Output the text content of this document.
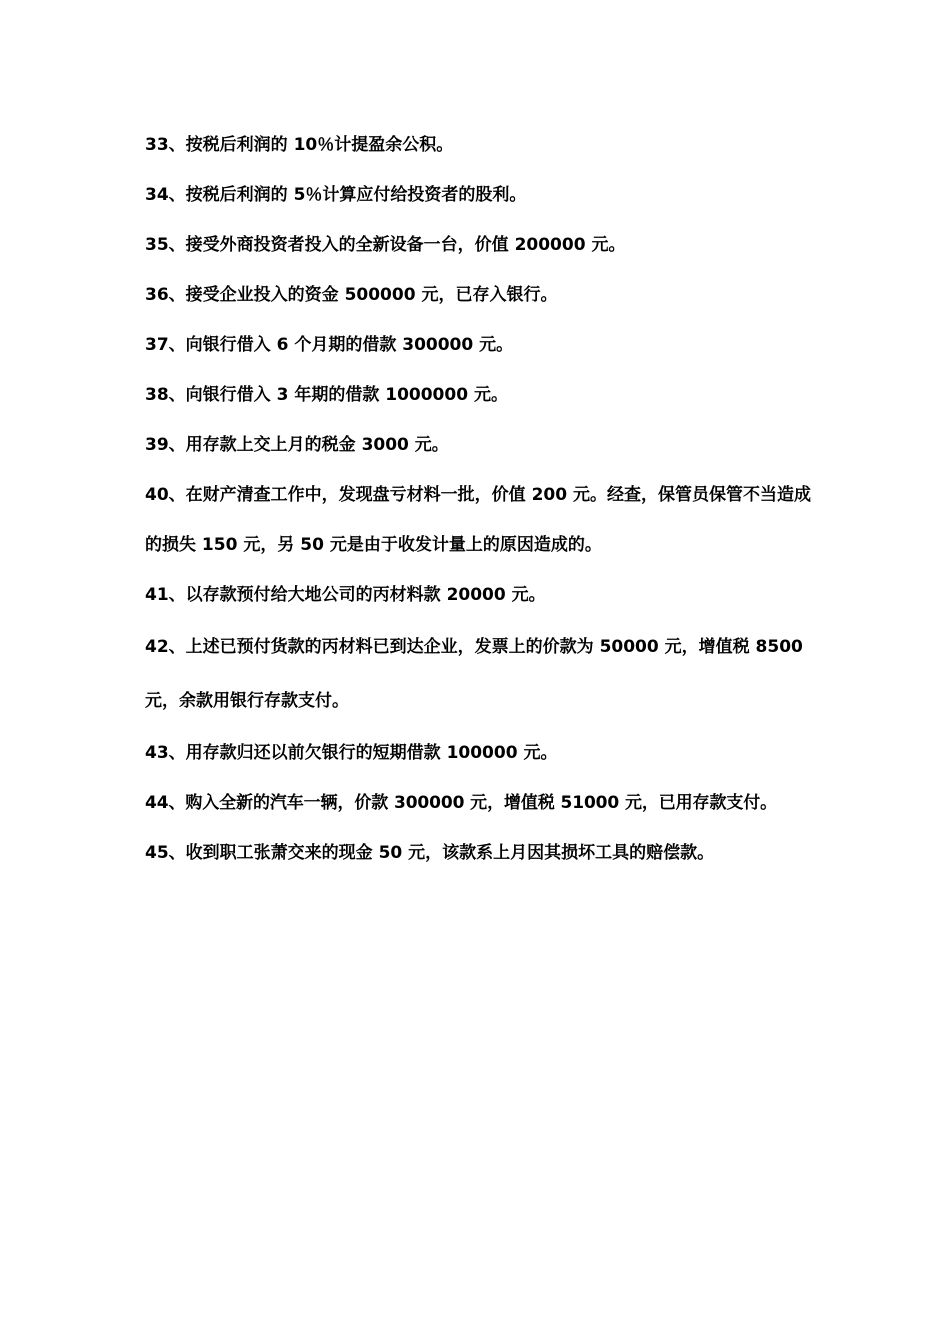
33、按税后利润的 10％计提盈余公积。

34、按税后利润的 5％计算应付给投资者的股利。

35、接受外商投资者投入的全新设备一台，价值 200000 元。

36、接受企业投入的资金 500000 元，已存入银行。

37、向银行借入 6 个月期的借款 300000 元。

38、向银行借入 3 年期的借款 1000000 元。

39、用存款上交上月的税金 3000 元。

40、在财产清查工作中，发现盘亏材料一批，价值 200 元。经查，保管员保管不当造成的损失 150 元，另 50 元是由于收发计量上的原因造成的。

41、以存款预付给大地公司的丙材料款 20000 元。

42、上述已预付货款的丙材料已到达企业，发票上的价款为 50000 元，增值税 8500 元，余款用银行存款支付。

43、用存款归还以前欠银行的短期借款 100000 元。

44、购入全新的汽车一辆，价款 300000 元，增值税 51000 元，已用存款支付。

45、收到职工张萧交来的现金 50 元，该款系上月因其损坏工具的赔偿款。
